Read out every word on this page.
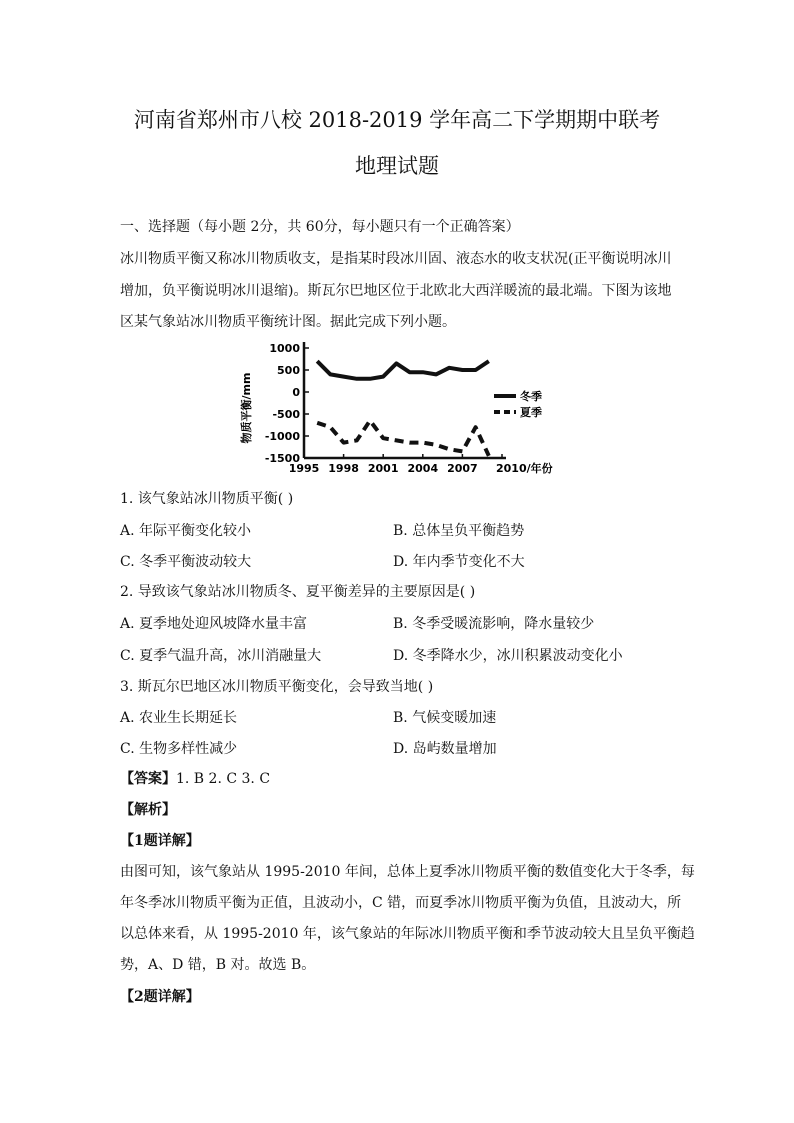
河南省郑州市八校 2018-2019 学年高二下学期期中联考
地理试题
一、选择题（每小题 2分，共 60分，每小题只有一个正确答案）
冰川物质平衡又称冰川物质收支，是指某时段冰川固、液态水的收支状况(正平衡说明冰川
增加，负平衡说明冰川退缩)。斯瓦尔巴地区位于北欧北大西洋暖流的最北端。下图为该地
区某气象站冰川物质平衡统计图。据此完成下列小题。
物质平衡/mm
1000
500
0
-500
-1000
-1500
1995 1998 2001 2004 2007 2010/年份
冬季
夏季
1. 该气象站冰川物质平衡( )
A. 年际平衡变化较小	B. 总体呈负平衡趋势
C. 冬季平衡波动较大	D. 年内季节变化不大
2. 导致该气象站冰川物质冬、夏平衡差异的主要原因是( )
A. 夏季地处迎风坡降水量丰富	B. 冬季受暖流影响，降水量较少
C. 夏季气温升高，冰川消融量大	D. 冬季降水少，冰川积累波动变化小
3. 斯瓦尔巴地区冰川物质平衡变化，会导致当地( )
A. 农业生长期延长	B. 气候变暖加速
C. 生物多样性减少	D. 岛屿数量增加
【答案】1. B 2. C 3. C
【解析】
【1题详解】
由图可知，该气象站从 1995-2010 年间，总体上夏季冰川物质平衡的数值变化大于冬季，每
年冬季冰川物质平衡为正值，且波动小，C 错，而夏季冰川物质平衡为负值，且波动大，所
以总体来看，从 1995-2010 年，该气象站的年际冰川物质平衡和季节波动较大且呈负平衡趋
势，A、D 错，B 对。故选 B。
【2题详解】
